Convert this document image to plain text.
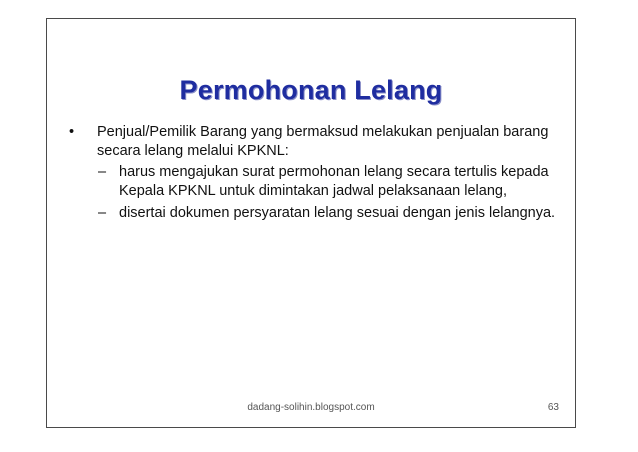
Permohonan Lelang
• Penjual/Pemilik Barang yang bermaksud melakukan penjualan barang secara lelang melalui KPKNL:
– harus mengajukan surat permohonan lelang secara tertulis kepada Kepala KPKNL untuk dimintakan jadwal pelaksanaan lelang,
– disertai dokumen persyaratan lelang sesuai dengan jenis lelangnya.
dadang-solihin.blogspot.com	63
